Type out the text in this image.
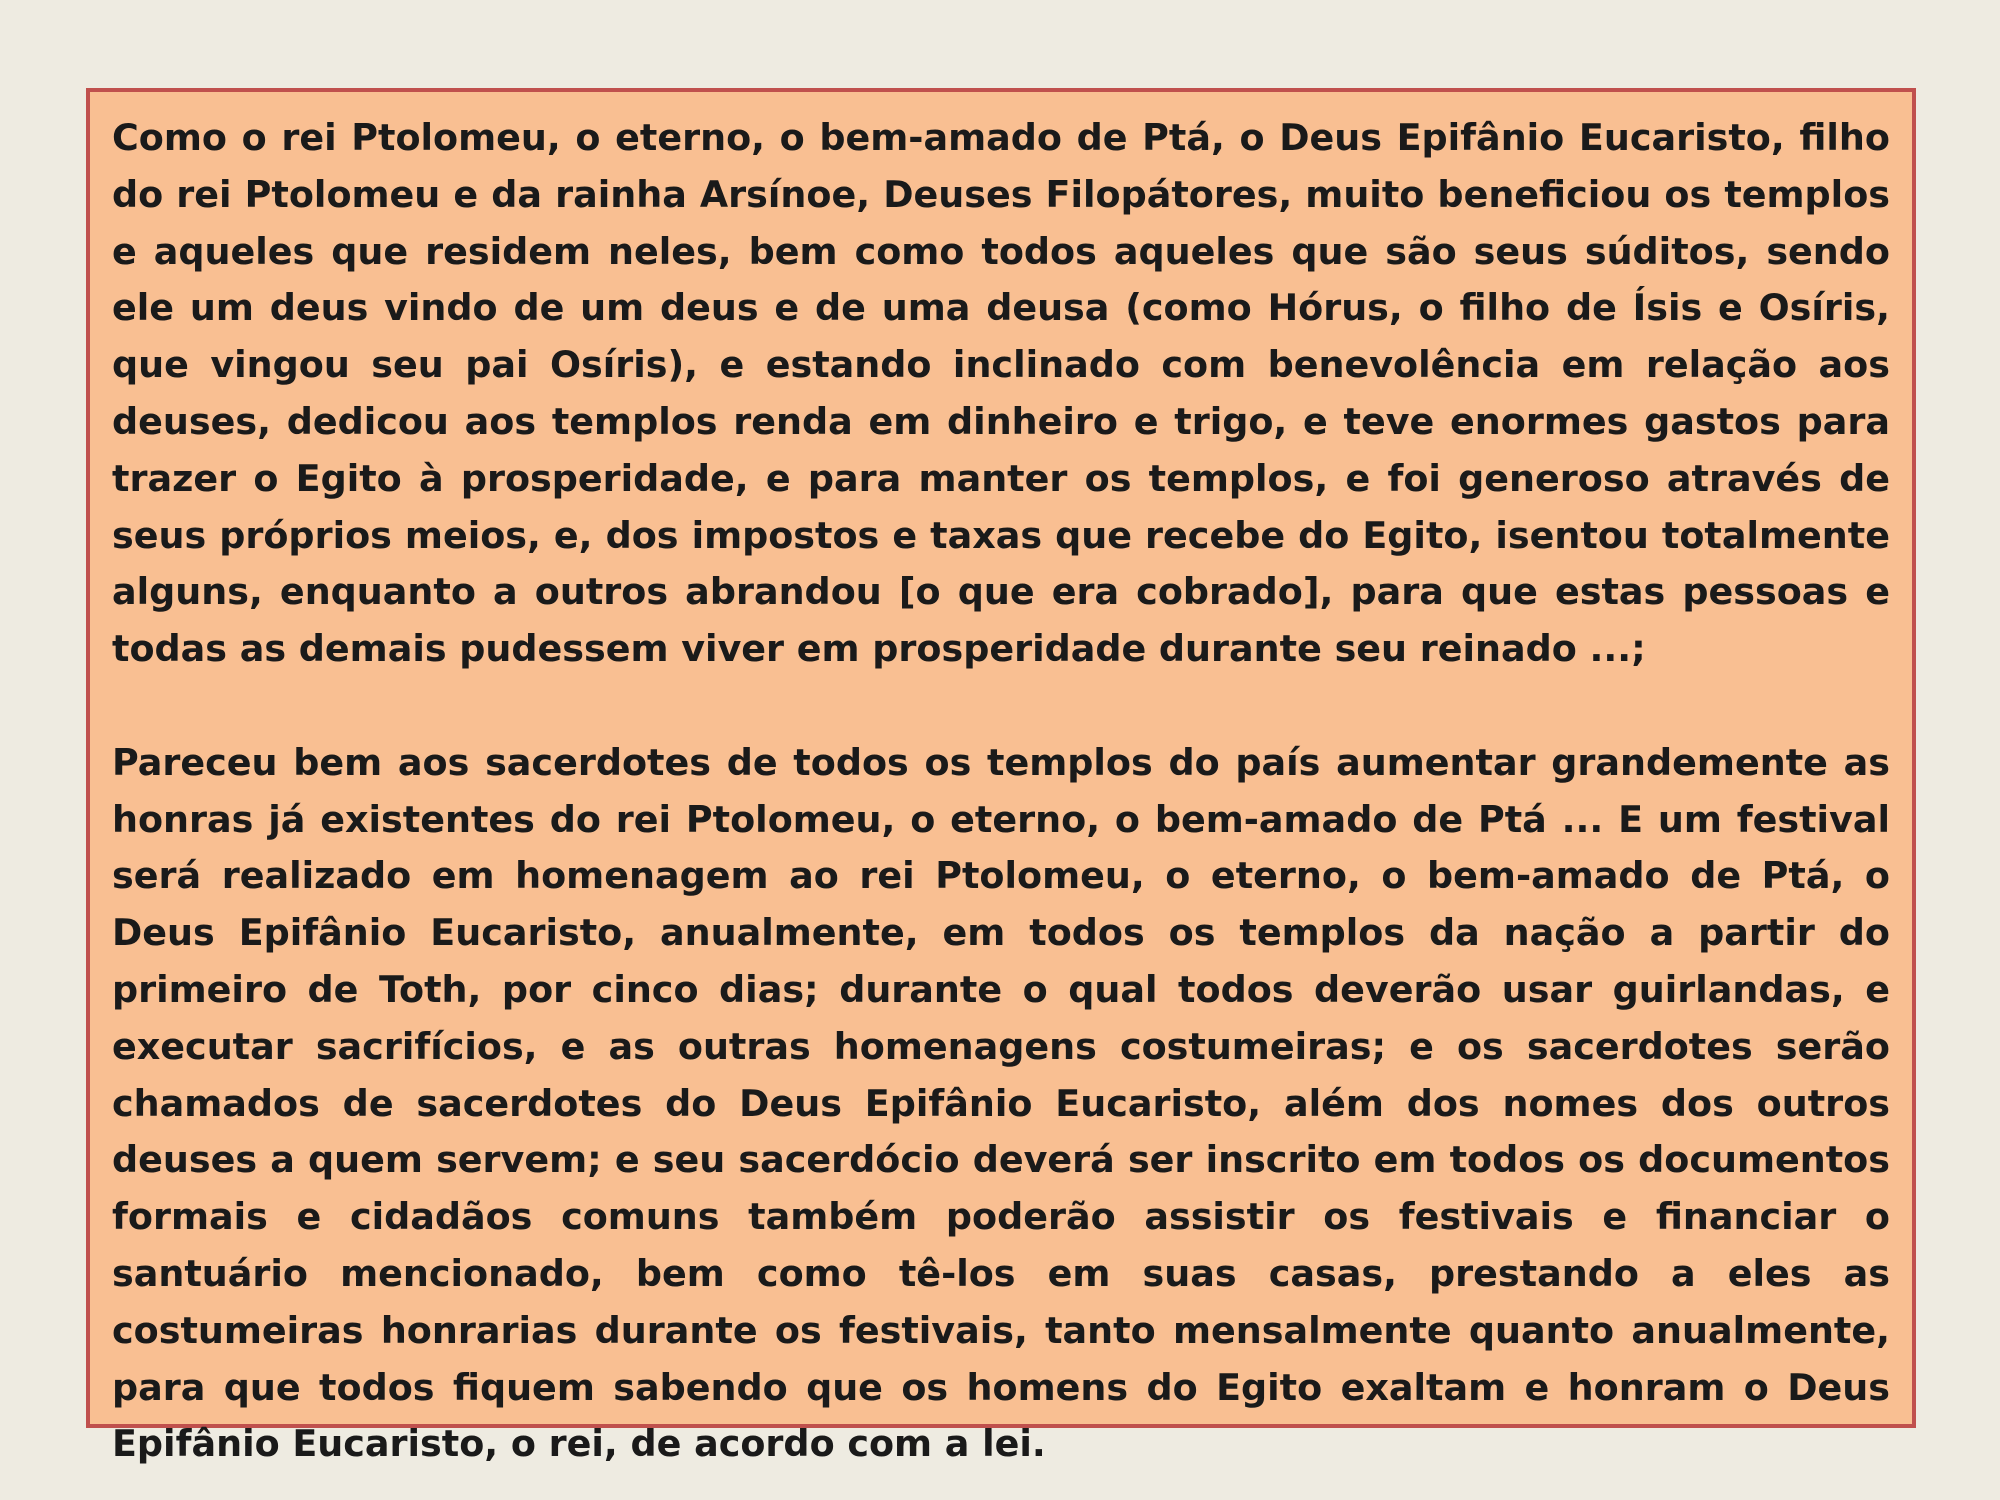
Como o rei Ptolomeu, o eterno, o bem-amado de Ptá, o Deus Epifânio Eucaristo, filho do rei Ptolomeu e da rainha Arsínoe, Deuses Filopátores, muito beneficiou os templos e aqueles que residem neles, bem como todos aqueles que são seus súditos, sendo ele um deus vindo de um deus e de uma deusa (como Hórus, o filho de Ísis e Osíris, que vingou seu pai Osíris), e estando inclinado com benevolência em relação aos deuses, dedicou aos templos renda em dinheiro e trigo, e teve enormes gastos para trazer o Egito à prosperidade, e para manter os templos, e foi generoso através de seus próprios meios, e, dos impostos e taxas que recebe do Egito, isentou totalmente alguns, enquanto a outros abrandou [o que era cobrado], para que estas pessoas e todas as demais pudessem viver em prosperidade durante seu reinado ...;

Pareceu bem aos sacerdotes de todos os templos do país aumentar grandemente as honras já existentes do rei Ptolomeu, o eterno, o bem-amado de Ptá ... E um festival será realizado em homenagem ao rei Ptolomeu, o eterno, o bem-amado de Ptá, o Deus Epifânio Eucaristo, anualmente, em todos os templos da nação a partir do primeiro de Toth, por cinco dias; durante o qual todos deverão usar guirlandas, e executar sacrifícios, e as outras homenagens costumeiras; e os sacerdotes serão chamados de sacerdotes do Deus Epifânio Eucaristo, além dos nomes dos outros deuses a quem servem; e seu sacerdócio deverá ser inscrito em todos os documentos formais e cidadãos comuns também poderão assistir os festivais e financiar o santuário mencionado, bem como tê-los em suas casas, prestando a eles as costumeiras honrarias durante os festivais, tanto mensalmente quanto anualmente, para que todos fiquem sabendo que os homens do Egito exaltam e honram o Deus Epifânio Eucaristo, o rei, de acordo com a lei.
